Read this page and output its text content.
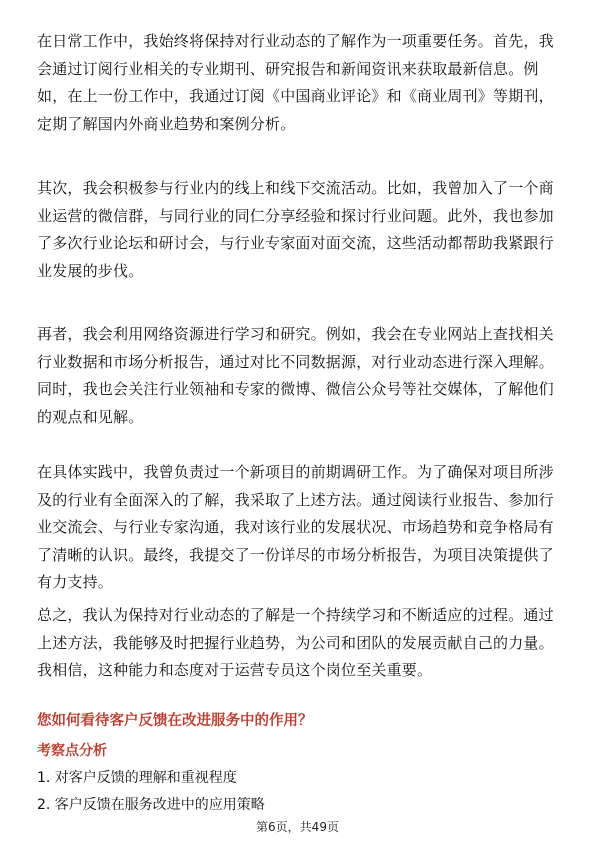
在日常工作中，我始终将保持对行业动态的了解作为一项重要任务。首先，我会通过订阅行业相关的专业期刊、研究报告和新闻资讯来获取最新信息。例如，在上一份工作中，我通过订阅《中国商业评论》和《商业周刊》等期刊，定期了解国内外商业趋势和案例分析。

其次，我会积极参与行业内的线上和线下交流活动。比如，我曾加入了一个商业运营的微信群，与同行业的同仁分享经验和探讨行业问题。此外，我也参加了多次行业论坛和研讨会，与行业专家面对面交流，这些活动都帮助我紧跟行业发展的步伐。

再者，我会利用网络资源进行学习和研究。例如，我会在专业网站上查找相关行业数据和市场分析报告，通过对比不同数据源，对行业动态进行深入理解。同时，我也会关注行业领袖和专家的微博、微信公众号等社交媒体，了解他们的观点和见解。

在具体实践中，我曾负责过一个新项目的前期调研工作。为了确保对项目所涉及的行业有全面深入的了解，我采取了上述方法。通过阅读行业报告、参加行业交流会、与行业专家沟通，我对该行业的发展状况、市场趋势和竞争格局有了清晰的认识。最终，我提交了一份详尽的市场分析报告，为项目决策提供了有力支持。

总之，我认为保持对行业动态的了解是一个持续学习和不断适应的过程。通过上述方法，我能够及时把握行业趋势，为公司和团队的发展贡献自己的力量。我相信，这种能力和态度对于运营专员这个岗位至关重要。

您如何看待客户反馈在改进服务中的作用？

考察点分析

1. 对客户反馈的理解和重视程度

2. 客户反馈在服务改进中的应用策略

第6页，共49页
